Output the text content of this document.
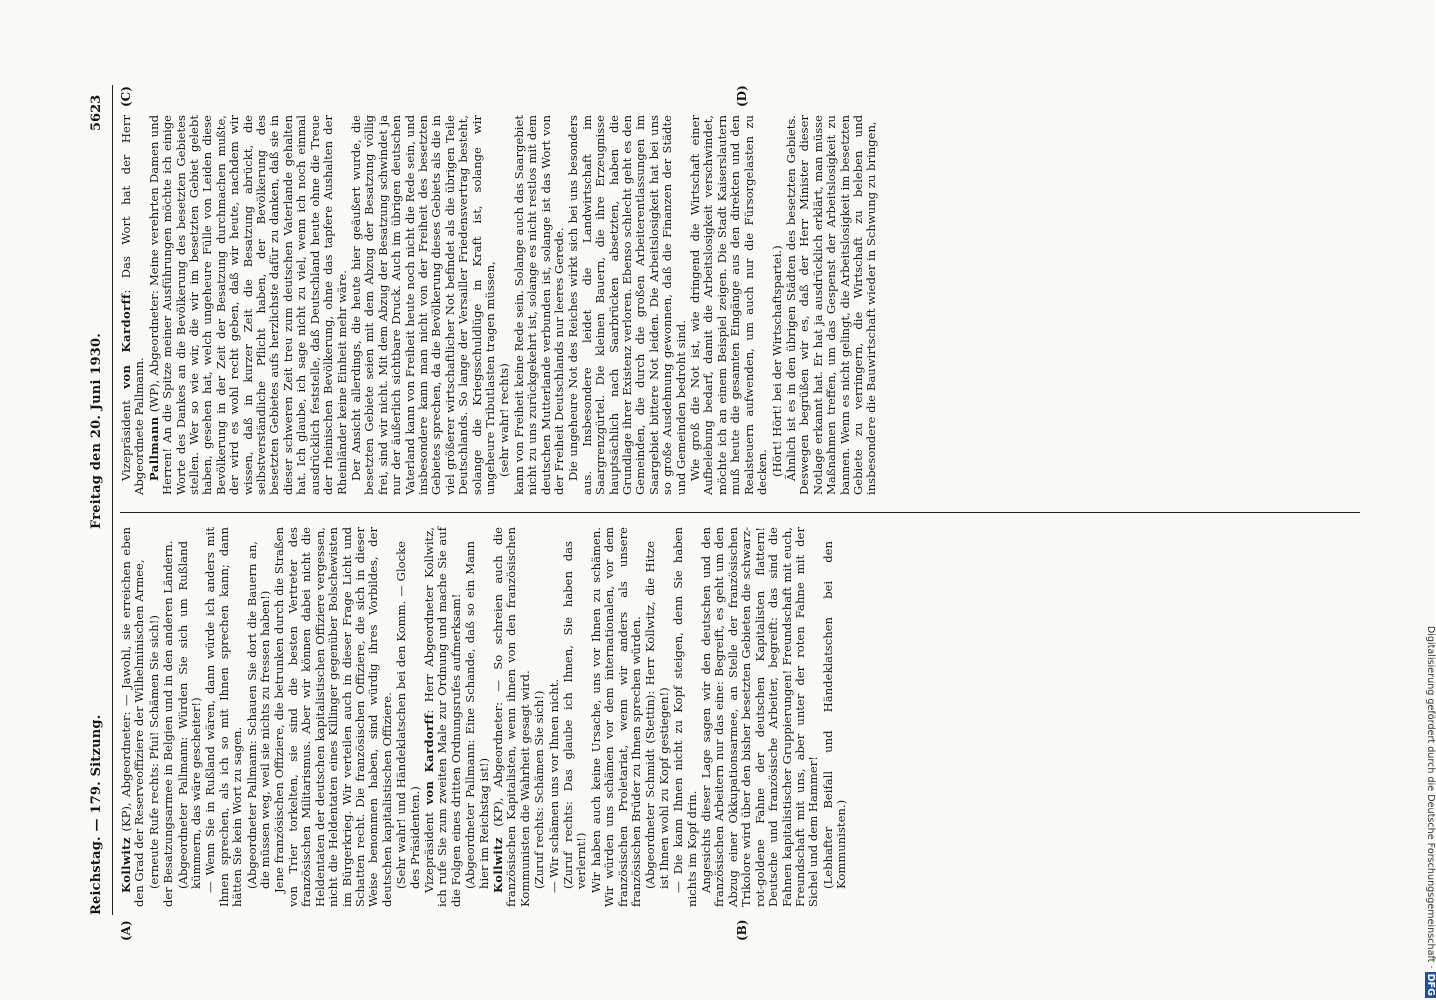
Reichstag. — 179. Sitzung.
Freitag den 20. Juni 1930.
5623
(A)	(B)
(C)	(D)

Kollwitz (KP), Abgeordneter: — Jawohl, sie erreichen eben den Grad der Reserveoffiziere der Wilhelminischen Armee, (erneute Rufe rechts: Pfui! Schämen Sie sich!) der Besatzungsarmee in Belgien und in den anderen Ländern. (Abgeordneter Pallmann: Würden Sie sich um Rußland kümmern, das wäre gescheiter!) — Wenn Sie in Rußland wären, dann würde ich anders mit Ihnen sprechen, als ich so mit Ihnen sprechen kann; dann hätten Sie kein Wort zu sagen. (Abgeordneter Pallmann: Schauen Sie dort die Bauern an, die müssen weg, weil sie nichts zu fressen haben!) Jene französischen Offiziere, die betrunken durch die Straßen von Trier torkelten, sie sind die besten Vertreter des französischen Militarismus. Aber wir können dabei nicht die Heldentaten der deutschen kapitalistischen Offiziere vergessen, nicht die Heldentaten eines Killinger gegenüber Bolschewisten im Bürgerkrieg. Wir verteilen auch in dieser Frage Licht und Schatten recht. Die französischen Offiziere, die sich in dieser Weise benommen haben, sind würdig ihres Vorbildes, der deutschen kapitalistischen Offiziere. (Sehr wahr! und Händeklatschen bei den Komm. — Glocke des Präsidenten.) Vizepräsident von Kardorff: Herr Abgeordneter Kollwitz, ich rufe Sie zum zweiten Male zur Ordnung und mache Sie auf die Folgen eines dritten Ordnungsrufes aufmerksam! (Abgeordneter Pallmann: Eine Schande, daß so ein Mann hier im Reichstag ist!) Kollwitz (KP), Abgeordneter: — So schreien auch die französischen Kapitalisten, wenn ihnen von den französischen Kommunisten die Wahrheit gesagt wird. (Zuruf rechts: Schämen Sie sich!) — Wir schämen uns vor Ihnen nicht. (Zuruf rechts: Das glaube ich Ihnen, Sie haben das verlernt!) Wir haben auch keine Ursache, uns vor Ihnen zu schämen. Wir würden uns schämen vor dem internationalen, vor dem französischen Proletariat, wenn wir anders als unsere französischen Brüder zu Ihnen sprechen würden. (Abgeordneter Schmidt (Stettin): Herr Kollwitz, die Hitze ist Ihnen wohl zu Kopf gestiegen!) — Die kann Ihnen nicht zu Kopf steigen, denn Sie haben nichts im Kopf drin. Angesichts dieser Lage sagen wir den deutschen und den französischen Arbeitern nur das eine: Begreift, es geht um den Abzug einer Okkupationsarmee, an Stelle der französischen Trikolore wird über den bisher besetzten Gebieten die schwarz-rot-goldene Fahne der deutschen Kapitalisten flattern! Deutsche und französische Arbeiter, begreift: das sind die Fahnen kapitalistischer Gruppierungen! Freundschaft mit euch, Freundschaft mit uns, aber unter der roten Fahne mit der Sichel und dem Hammer! (Lebhafter Beifall und Händeklatschen bei den Kommunisten.)

Vizepräsident von Kardorff: Das Wort hat der Herr Abgeordnete Pallmann. Pallmann (WP), Abgeordneter: Meine verehrten Damen und Herren! An die Spitze meiner Ausführungen möchte ich einige Worte des Dankes an die Bevölkerung des besetzten Gebietes stellen. Wer so wie wir, die wir im besetzten Gebiet gelebt haben, gesehen hat, welch ungeheure Fülle von Leiden diese Bevölkerung in der Zeit der Besatzung durchmachen mußte, der wird es wohl recht geben, daß wir heute, nachdem wir wissen, daß in kurzer Zeit die Besatzung abrückt, die selbstverständliche Pflicht haben, der Bevölkerung des besetzten Gebietes aufs herzlichste dafür zu danken, daß sie in dieser schweren Zeit treu zum deutschen Vaterlande gehalten hat. Ich glaube, ich sage nicht zu viel, wenn ich noch einmal ausdrücklich feststelle, daß Deutschland heute ohne die Treue der rheinischen Bevölkerung, ohne das tapfere Aushalten der Rheinländer keine Einheit mehr wäre. Der Ansicht allerdings, die heute hier geäußert wurde, die besetzten Gebiete seien mit dem Abzug der Besatzung völlig frei, sind wir nicht. Mit dem Abzug der Besatzung schwindet ja nur der äußerlich sichtbare Druck. Auch im übrigen deutschen Vaterland kann von Freiheit heute noch nicht die Rede sein, und insbesondere kann man nicht von der Freiheit des besetzten Gebietes sprechen, da die Bevölkerung dieses Gebiets als die in viel größerer wirtschaftlicher Not befindet als die übrigen Teile Deutschlands. So lange der Versailler Friedensvertrag besteht, solange die Kriegsschuldlüge in Kraft ist, solange wir ungeheure Tributlasten tragen müssen, (sehr wahr! rechts) kann von Freiheit keine Rede sein. Solange auch das Saargebiet nicht zu uns zurückgekehrt ist, solange es nicht restlos mit dem deutschen Mutterlande verbunden ist, solange ist das Wort von der Freiheit Deutschlands nur leeres Gerede. Die ungeheure Not des Reiches wirkt sich bei uns besonders aus. Insbesondere leidet die Landwirtschaft im Saargrenzgürtel. Die kleinen Bauern, die ihre Erzeugnisse hauptsächlich nach Saarbrücken absetzten, haben die Grundlage ihrer Existenz verloren. Ebenso schlecht geht es den Gemeinden, die durch die großen Arbeiterentlassungen im Saargebiet bittere Not leiden. Die Arbeitslosigkeit hat bei uns so große Ausdehnung gewonnen, daß die Finanzen der Städte und Gemeinden bedroht sind. Wie groß die Not ist, wie dringend die Wirtschaft einer Aufbelebung bedarf, damit die Arbeitslosigkeit verschwindet, möchte ich an einem Beispiel zeigen. Die Stadt Kaiserslautern muß heute die gesamten Eingänge aus den direkten und den Realsteuern aufwenden, um auch nur die Fürsorgelasten zu decken. (Hört! Hört! bei der Wirtschaftspartei.) Ähnlich ist es in den übrigen Städten des besetzten Gebiets. Deswegen begrüßen wir es, daß der Herr Minister dieser Notlage erkannt hat. Er hat ja ausdrücklich erklärt, man müsse Maßnahmen treffen, um das Gespenst der Arbeitslosigkeit zu bannen. Wenn es nicht gelingt, die Arbeitslosigkeit im besetzten Gebiete zu verringern, die Wirtschaft zu beleben und insbesondere die Bauwirtschaft wieder in Schwung zu bringen,

Digitalisierung gefördert durch die Deutsche Forschungsgemeinschaft · DFG
